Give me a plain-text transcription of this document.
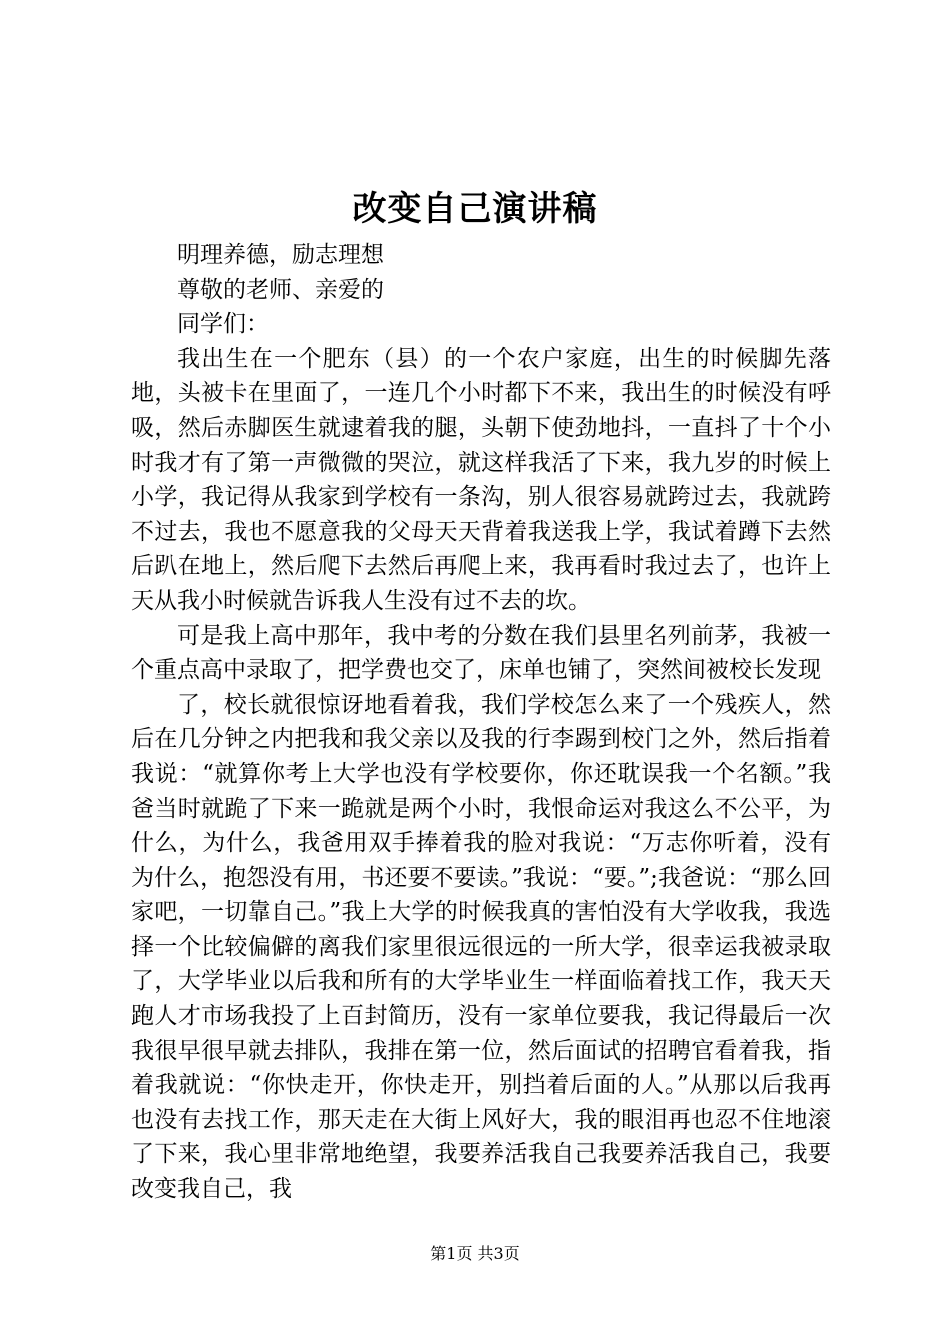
改变自己演讲稿

明理养德，励志理想

尊敬的老师、亲爱的

同学们：

我出生在一个肥东（县）的一个农户家庭，出生的时候脚先落地，头被卡在里面了，一连几个小时都下不来，我出生的时候没有呼吸，然后赤脚医生就逮着我的腿，头朝下使劲地抖，一直抖了十个小时我才有了第一声微微的哭泣，就这样我活了下来，我九岁的时候上小学，我记得从我家到学校有一条沟，别人很容易就跨过去，我就跨不过去，我也不愿意我的父母天天背着我送我上学，我试着蹲下去然后趴在地上，然后爬下去然后再爬上来，我再看时我过去了，也许上天从我小时候就告诉我人生没有过不去的坎。

可是我上高中那年，我中考的分数在我们县里名列前茅，我被一个重点高中录取了，把学费也交了，床单也铺了，突然间被校长发现

了，校长就很惊讶地看着我，我们学校怎么来了一个残疾人，然后在几分钟之内把我和我父亲以及我的行李踢到校门之外，然后指着我说：“就算你考上大学也没有学校要你，你还耽误我一个名额。”我爸当时就跪了下来一跪就是两个小时，我恨命运对我这么不公平，为什么，为什么，我爸用双手捧着我的脸对我说：“万志你听着，没有为什么，抱怨没有用，书还要不要读。”我说：“要。”;我爸说：“那么回家吧，一切靠自己。”我上大学的时候我真的害怕没有大学收我，我选择一个比较偏僻的离我们家里很远很远的一所大学，很幸运我被录取了，大学毕业以后我和所有的大学毕业生一样面临着找工作，我天天跑人才市场我投了上百封简历，没有一家单位要我，我记得最后一次我很早很早就去排队，我排在第一位，然后面试的招聘官看着我，指着我就说：“你快走开，你快走开，别挡着后面的人。”从那以后我再也没有去找工作，那天走在大街上风好大，我的眼泪再也忍不住地滚了下来，我心里非常地绝望，我要养活我自己我要养活我自己，我要改变我自己，我

第1页 共3页
